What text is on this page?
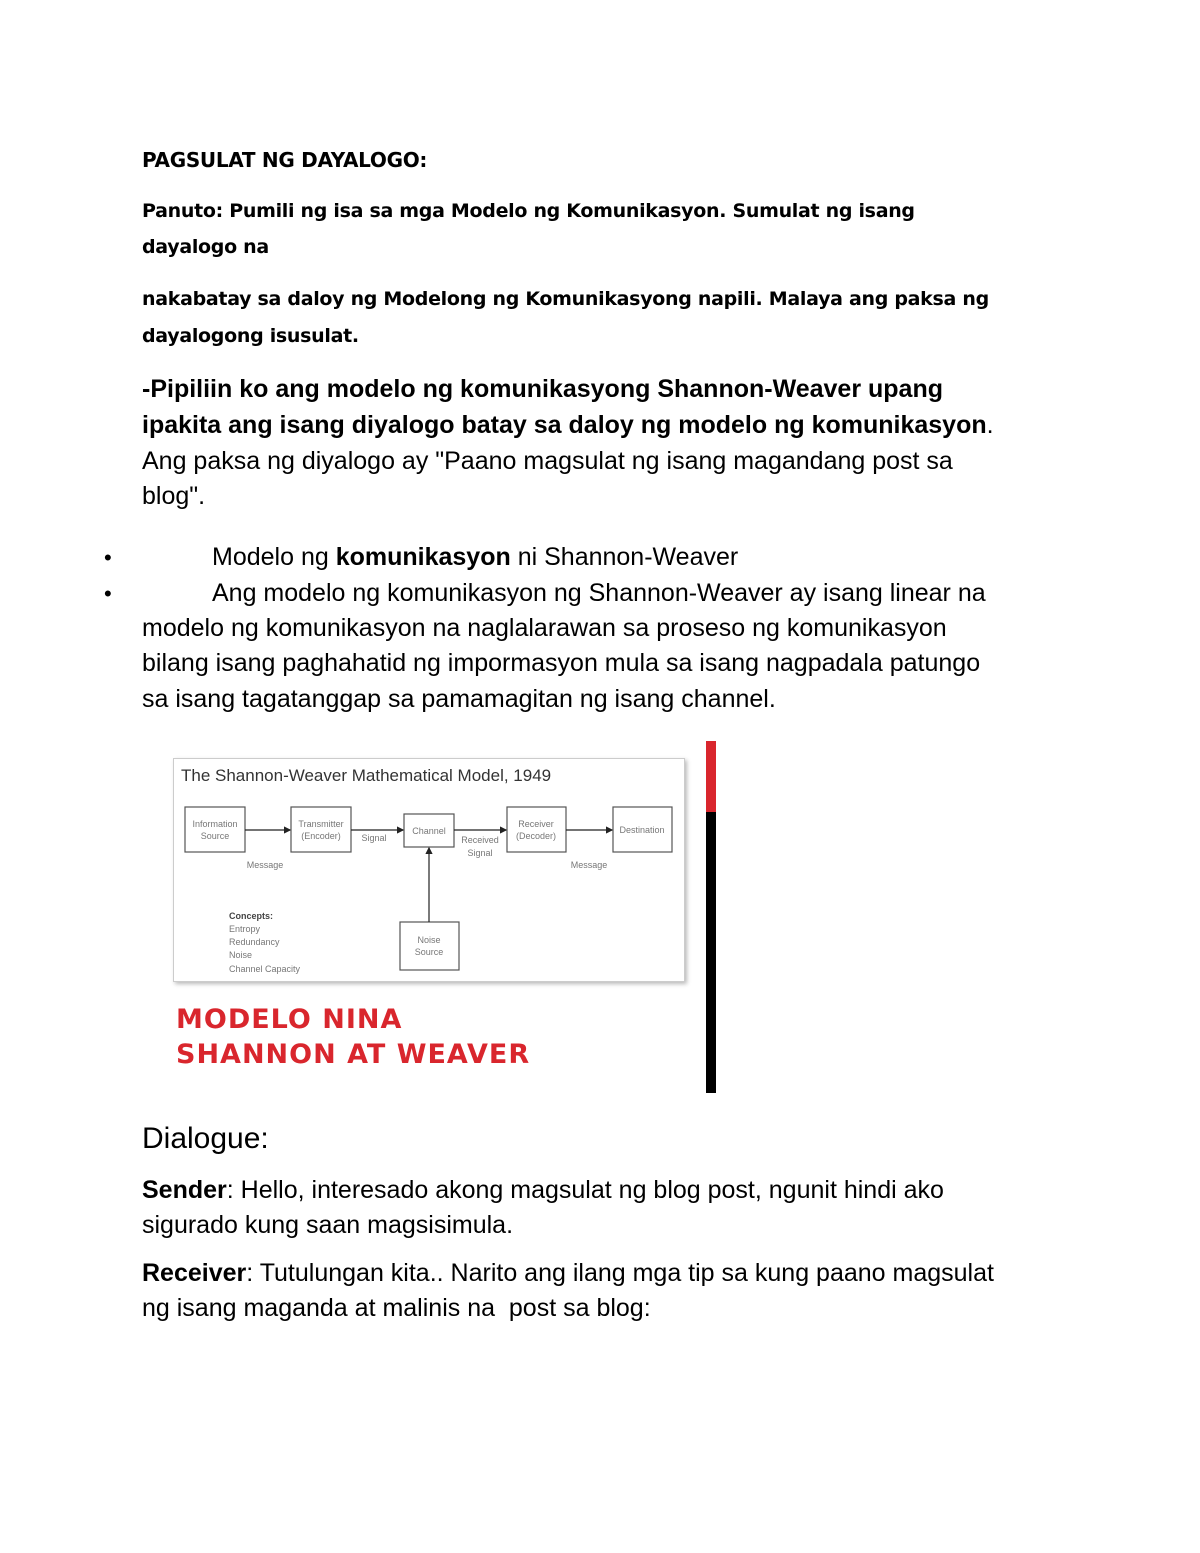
PAGSULAT NG DAYALOGO:
Panuto: Pumili ng isa sa mga Modelo ng Komunikasyon. Sumulat ng isang
dayalogo na
nakabatay sa daloy ng Modelong ng Komunikasyong napili. Malaya ang paksa ng
dayalogong isusulat.
-Pipiliin ko ang modelo ng komunikasyong Shannon-Weaver upang
ipakita ang isang diyalogo batay sa daloy ng modelo ng komunikasyon.
Ang paksa ng diyalogo ay "Paano magsulat ng isang magandang post sa
blog".
•	Modelo ng komunikasyon ni Shannon-Weaver
•	Ang modelo ng komunikasyon ng Shannon-Weaver ay isang linear na
modelo ng komunikasyon na naglalarawan sa proseso ng komunikasyon
bilang isang paghahatid ng impormasyon mula sa isang nagpadala patungo
sa isang tagatanggap sa pamamagitan ng isang channel.
The Shannon-Weaver Mathematical Model, 1949
Information
Source
Transmitter
(Encoder)	Channel
Receiver
(Decoder)
Destination
Noise
Source
Message
Signal	Received
Signal
Message
Concepts:
Entropy
Redundancy
Noise
Channel Capacity
MODELO NINA
SHANNON AT WEAVER
Dialogue:
Sender: Hello, interesado akong magsulat ng blog post, ngunit hindi ako
sigurado kung saan magsisimula.
Receiver: Tutulungan kita.. Narito ang ilang mga tip sa kung paano magsulat
ng isang maganda at malinis na  post sa blog:
